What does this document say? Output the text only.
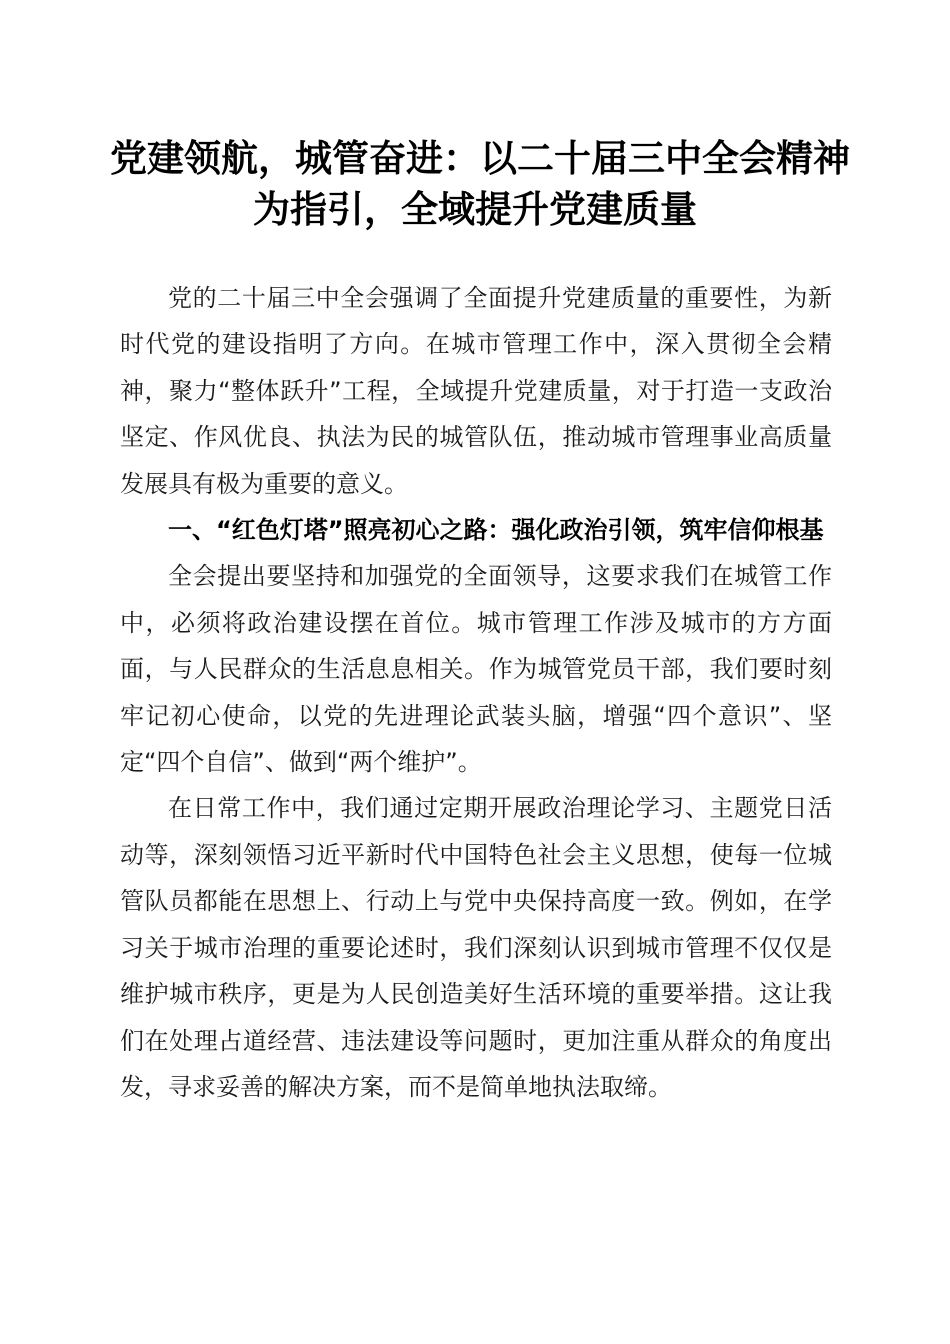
党建领航，城管奋进：以二十届三中全会精神
为指引，全域提升党建质量

党的二十届三中全会强调了全面提升党建质量的重要性，为新时代党的建设指明了方向。在城市管理工作中，深入贯彻全会精神，聚力“整体跃升”工程，全域提升党建质量，对于打造一支政治坚定、作风优良、执法为民的城管队伍，推动城市管理事业高质量发展具有极为重要的意义。

一、“红色灯塔”照亮初心之路：强化政治引领，筑牢信仰根基

全会提出要坚持和加强党的全面领导，这要求我们在城管工作中，必须将政治建设摆在首位。城市管理工作涉及城市的方方面面，与人民群众的生活息息相关。作为城管党员干部，我们要时刻牢记初心使命，以党的先进理论武装头脑，增强“四个意识”、坚定“四个自信”、做到“两个维护”。

在日常工作中，我们通过定期开展政治理论学习、主题党日活动等，深刻领悟习近平新时代中国特色社会主义思想，使每一位城管队员都能在思想上、行动上与党中央保持高度一致。例如，在学习关于城市治理的重要论述时，我们深刻认识到城市管理不仅仅是维护城市秩序，更是为人民创造美好生活环境的重要举措。这让我们在处理占道经营、违法建设等问题时，更加注重从群众的角度出发，寻求妥善的解决方案，而不是简单地执法取缔。
